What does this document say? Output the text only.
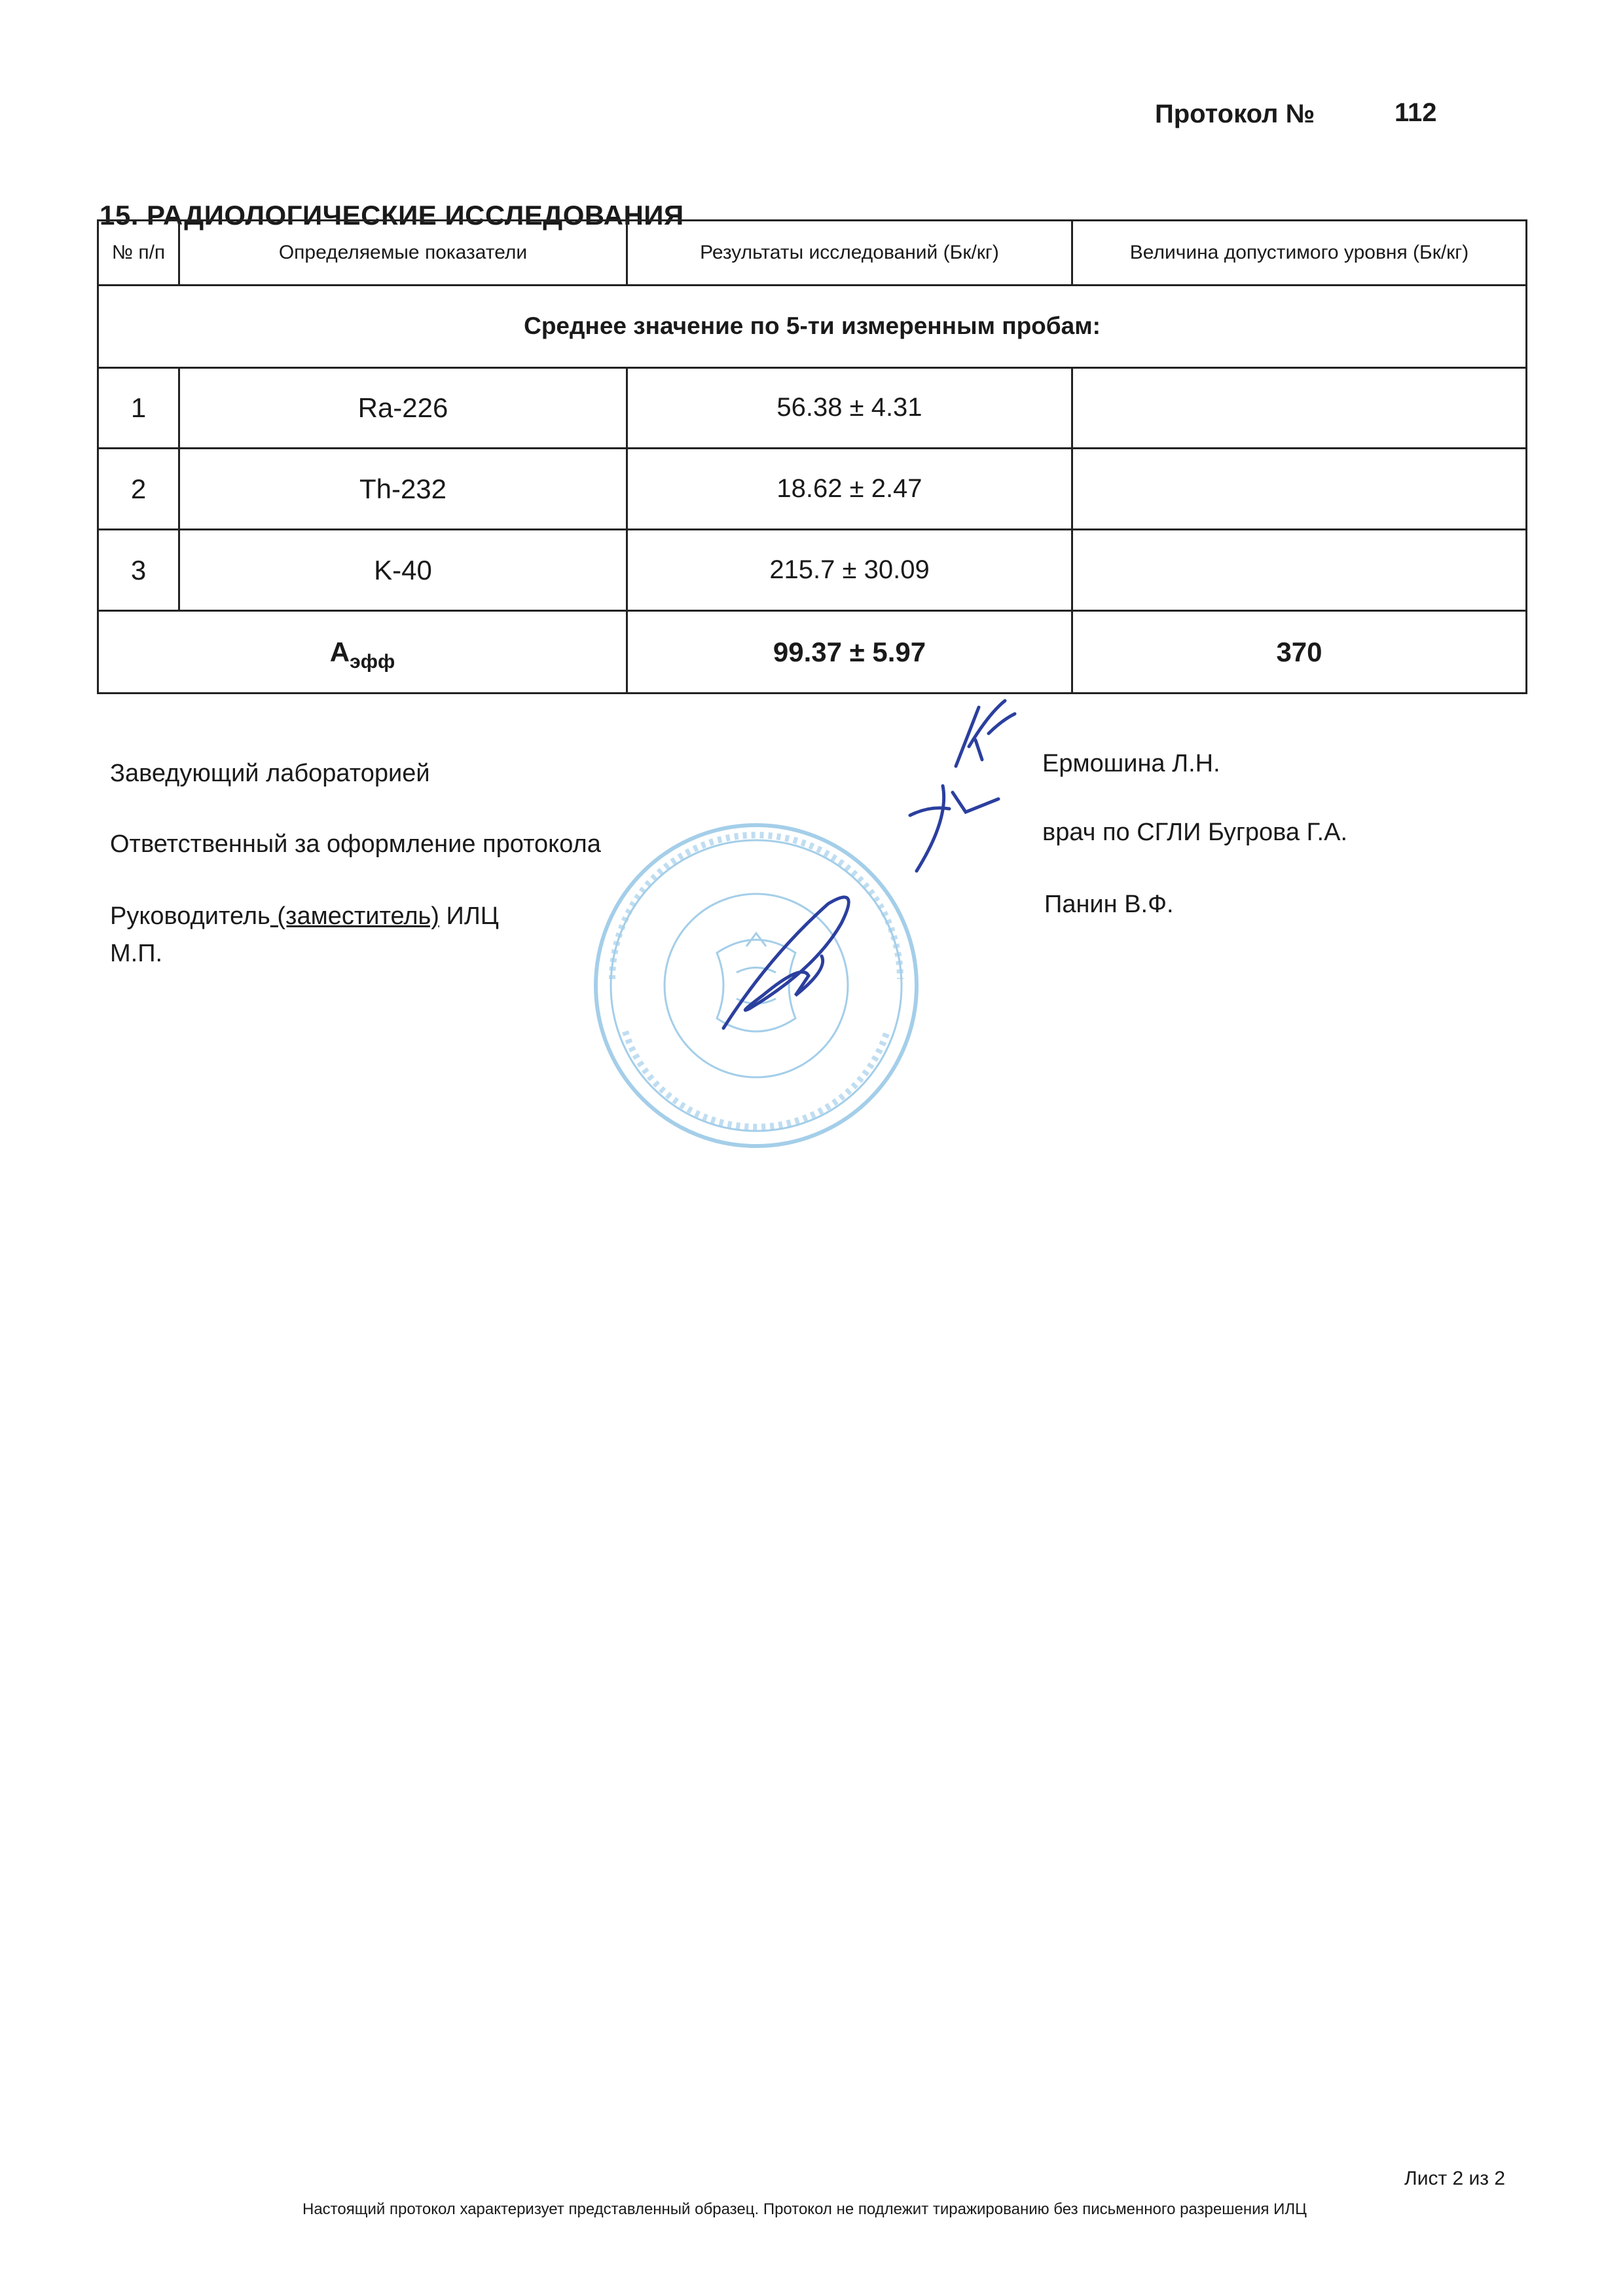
Протокол №	112
15. РАДИОЛОГИЧЕСКИЕ ИССЛЕДОВАНИЯ
№ п/п	Определяемые показатели	Результаты исследований (Бк/кг)	Величина допустимого уровня (Бк/кг)
Среднее значение по 5-ти измеренным пробам:			
1	Ra-226	56.38 ± 4.31	
2	Th-232	18.62 ± 2.47	
3	K-40	215.7 ± 30.09	
$А_{эфф}$		99.37 ± 5.97	370
Заведующий лабораторией
Ответственный за оформление протокола
Руководитель (заместитель) ИЛЦ
М.П.
Ермошина Л.Н.
врач по СГЛИ Бугрова Г.А.
Панин В.Ф.
Лист 2 из 2
Настоящий протокол характеризует представленный образец. Протокол не подлежит тиражированию без письменного разрешения ИЛЦ
